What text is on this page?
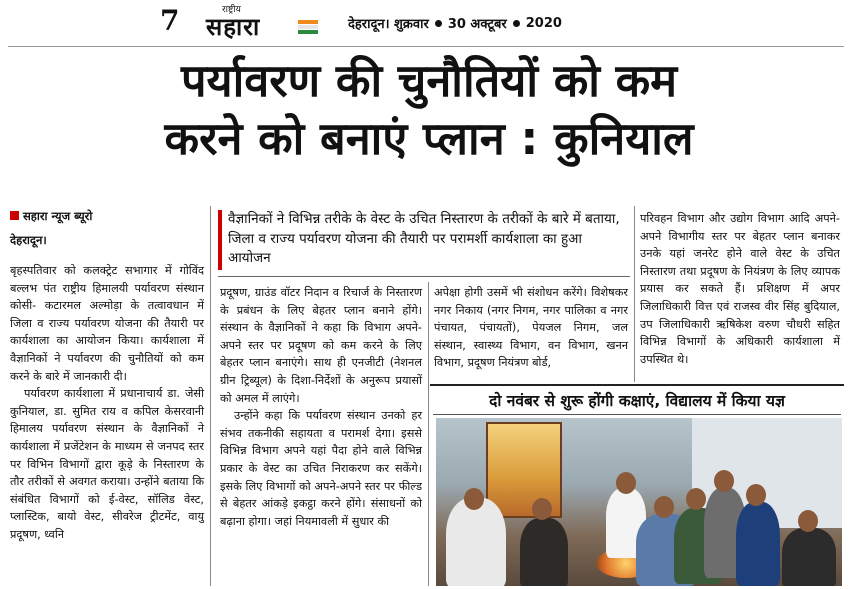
7	राष्ट्रीय
सहारा	देहरादून। शुक्रवार 30 अक्टूबर 2020
पर्यावरण की चुनौतियों को कम
करने को बनाएं प्लान : कुनियाल
सहारा न्यूज ब्यूरो
देहरादून।
वैज्ञानिकों ने विभिन्न तरीके के वेस्ट के उचित निस्तारण के तरीकों के बारे में बताया, जिला व राज्य पर्यावरण योजना की तैयारी पर परामर्शी कार्यशाला का हुआ आयोजन
बृहस्पतिवार को कलक्ट्रेट सभागार में गोविंद बल्लभ पंत राष्ट्रीय हिमालयी पर्यावरण संस्थान कोसी- कटारमल अल्मोड़ा के तत्वावधान में जिला व राज्य पर्यावरण योजना की तैयारी पर कार्यशाला का आयोजन किया। कार्यशाला में वैज्ञानिकों ने पर्यावरण की चुनौतियों को कम करने के बारे में जानकारी दी।
पर्यावरण कार्यशाला में प्रधानाचार्य डा. जेसी कुनियाल, डा. सुमित राय व कपिल केसरवानी हिमालय पर्यावरण संस्थान के वैज्ञानिकों ने कार्यशाला में प्रजेंटेशन के माध्यम से जनपद स्तर पर विभिन विभागों द्वारा कूड़े के निस्तारण के तौर तरीकों से अवगत कराया। उन्होंने बताया कि संबंधित विभागों को ई-वेस्ट, सॉलिड वेस्ट, प्लास्टिक, बायो वेस्ट, सीवरेज ट्रीटमेंट, वायु प्रदूषण, ध्वनि
प्रदूषण, ग्राउंड वॉटर निदान व रिचार्ज के निस्तारण के प्रबंधन के लिए बेहतर प्लान बनाने होंगे। संस्थान के वैज्ञानिकों ने कहा कि विभाग अपने-अपने स्तर पर प्रदूषण को कम करने के लिए बेहतर प्लान बनाएंगे। साथ ही एनजीटी (नेशनल ग्रीन ट्रिब्यूल) के दिशा-निर्देशों के अनुरूप प्रयासों को अमल में लाएंगे।
उन्होंने कहा कि पर्यावरण संस्थान उनको हर संभव तकनीकी सहायता व परामर्श देगा। इससे विभिन्न विभाग अपने यहां पैदा होने वाले विभिन्न प्रकार के वेस्ट का उचित निराकरण कर सकेंगे। इसके लिए विभागों को अपने-अपने स्तर पर फील्ड से बेहतर आंकड़े इकट्ठा करने होंगे। संसाधनों को बढ़ाना होगा। जहां नियमावली में सुधार की
अपेक्षा होगी उसमें भी संशोधन करेंगे। विशेषकर नगर निकाय (नगर निगम, नगर पालिका व नगर पंचायत, पंचायतों), पेयजल निगम, जल संस्थान, स्वास्थ्य विभाग, वन विभाग, खनन विभाग, प्रदूषण नियंत्रण बोर्ड,
परिवहन विभाग और उद्योग विभाग आदि अपने-अपने विभागीय स्तर पर बेहतर प्लान बनाकर उनके यहां जनरेट होने वाले वेस्ट के उचित निस्तारण तथा प्रदूषण के नियंत्रण के लिए व्यापक प्रयास कर सकते हैं। प्रशिक्षण में अपर जिलाधिकारी वित्त एवं राजस्व वीर सिंह बुदियाल, उप जिलाधिकारी ऋषिकेश वरुण चौधरी सहित विभिन्न विभागों के अधिकारी कार्यशाला में उपस्थित थे।
दो नवंबर से शुरू होंगी कक्षाएं, विद्यालय में किया यज्ञ
